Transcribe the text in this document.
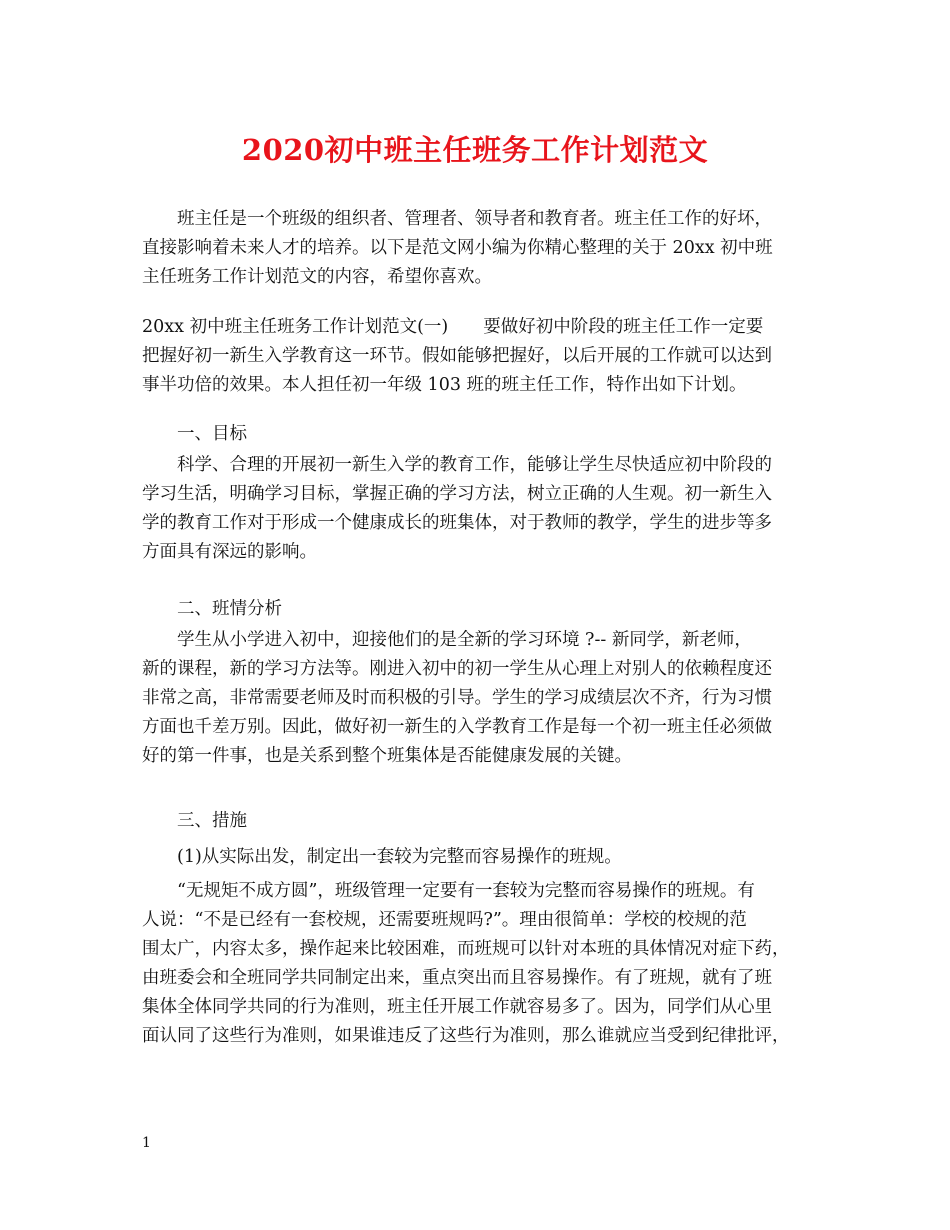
2020初中班主任班务工作计划范文
班主任是一个班级的组织者、管理者、领导者和教育者。班主任工作的好坏，
直接影响着未来人才的培养。以下是范文网小编为你精心整理的关于 20xx 初中班
主任班务工作计划范文的内容，希望你喜欢。
20xx 初中班主任班务工作计划范文(一)　　要做好初中阶段的班主任工作一定要
把握好初一新生入学教育这一环节。假如能够把握好，以后开展的工作就可以达到
事半功倍的效果。本人担任初一年级 103 班的班主任工作，特作出如下计划。
一、目标
科学、合理的开展初一新生入学的教育工作，能够让学生尽快适应初中阶段的
学习生活，明确学习目标，掌握正确的学习方法，树立正确的人生观。初一新生入
学的教育工作对于形成一个健康成长的班集体，对于教师的教学，学生的进步等多
方面具有深远的影响。
二、班情分析
学生从小学进入初中，迎接他们的是全新的学习环境 ?-- 新同学，新老师，
新的课程，新的学习方法等。刚进入初中的初一学生从心理上对别人的依赖程度还
非常之高，非常需要老师及时而积极的引导。学生的学习成绩层次不齐，行为习惯
方面也千差万别。因此，做好初一新生的入学教育工作是每一个初一班主任必须做
好的第一件事，也是关系到整个班集体是否能健康发展的关键。
三、措施
(1)从实际出发，制定出一套较为完整而容易操作的班规。
“无规矩不成方圆”，班级管理一定要有一套较为完整而容易操作的班规。有
人说：“不是已经有一套校规，还需要班规吗?”。理由很简单：学校的校规的范
围太广，内容太多，操作起来比较困难，而班规可以针对本班的具体情况对症下药，
由班委会和全班同学共同制定出来，重点突出而且容易操作。有了班规，就有了班
集体全体同学共同的行为准则，班主任开展工作就容易多了。因为，同学们从心里
面认同了这些行为准则，如果谁违反了这些行为准则，那么谁就应当受到纪律批评，
1
